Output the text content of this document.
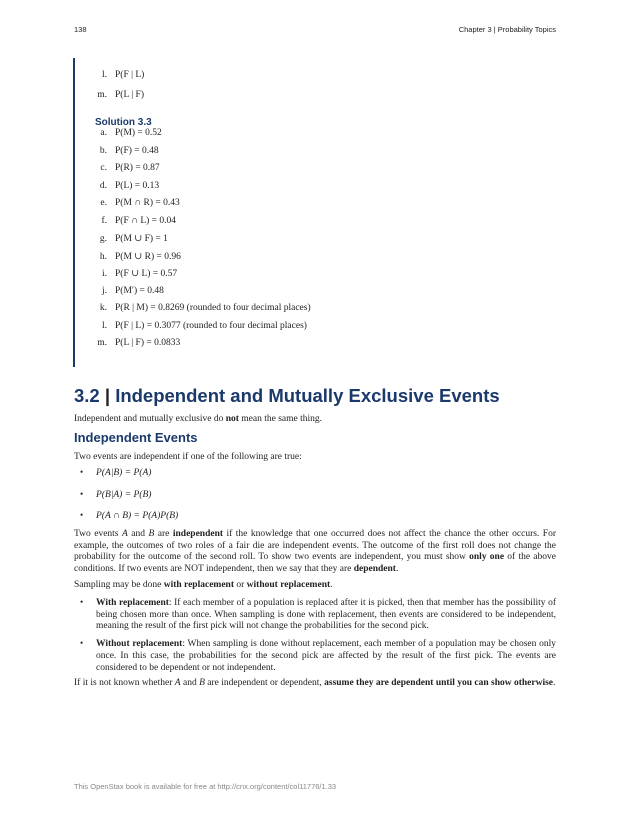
138	Chapter 3 | Probability Topics
l. P(F | L)
m. P(L | F)
Solution 3.3
a. P(M) = 0.52
b. P(F) = 0.48
c. P(R) = 0.87
d. P(L) = 0.13
e. P(M ∩ R) = 0.43
f. P(F ∩ L) = 0.04
g. P(M ∪ F) = 1
h. P(M ∪ R) = 0.96
i. P(F ∪ L) = 0.57
j. P(M′) = 0.48
k. P(R | M) = 0.8269 (rounded to four decimal places)
l. P(F | L) = 0.3077 (rounded to four decimal places)
m. P(L | F) = 0.0833
3.2 | Independent and Mutually Exclusive Events
Independent and mutually exclusive do not mean the same thing.
Independent Events
Two events are independent if one of the following are true:
•	P(A|B) = P(A)
•	P(B|A) = P(B)
•	P(A ∩ B) = P(A)P(B)
Two events A and B are independent if the knowledge that one occurred does not affect the chance the other occurs. For example, the outcomes of two roles of a fair die are independent events. The outcome of the first roll does not change the probability for the outcome of the second roll. To show two events are independent, you must show only one of the above conditions. If two events are NOT independent, then we say that they are dependent.
Sampling may be done with replacement or without replacement.
•	With replacement: If each member of a population is replaced after it is picked, then that member has the possibility of being chosen more than once. When sampling is done with replacement, then events are considered to be independent, meaning the result of the first pick will not change the probabilities for the second pick.
•	Without replacement: When sampling is done without replacement, each member of a population may be chosen only once. In this case, the probabilities for the second pick are affected by the result of the first pick. The events are considered to be dependent or not independent.
If it is not known whether A and B are independent or dependent, assume they are dependent until you can show otherwise.
This OpenStax book is available for free at http://cnx.org/content/col11776/1.33
